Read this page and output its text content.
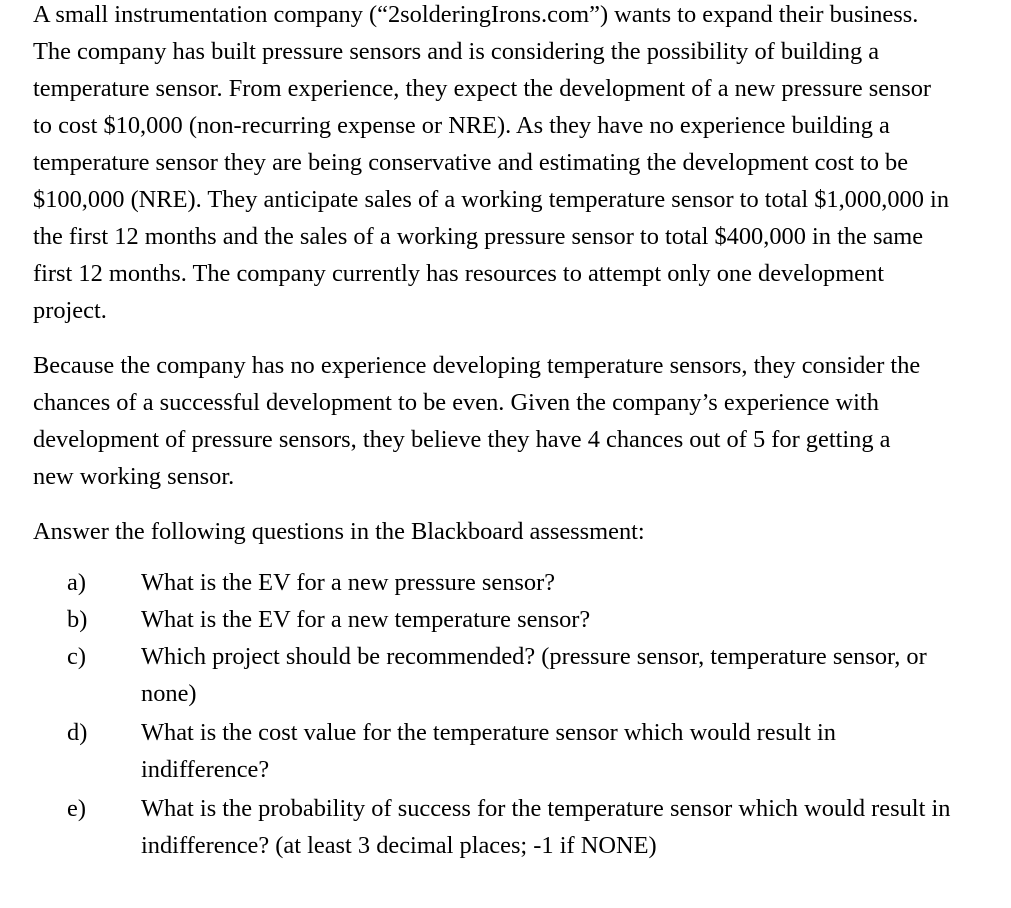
A small instrumentation company (“2solderingIrons.com”) wants to expand their business. The company has built pressure sensors and is considering the possibility of building a temperature sensor. From experience, they expect the development of a new pressure sensor to cost $10,000 (non-recurring expense or NRE). As they have no experience building a temperature sensor they are being conservative and estimating the development cost to be $100,000 (NRE). They anticipate sales of a working temperature sensor to total $1,000,000 in the first 12 months and the sales of a working pressure sensor to total $400,000 in the same first 12 months. The company currently has resources to attempt only one development project.

Because the company has no experience developing temperature sensors, they consider the chances of a successful development to be even. Given the company’s experience with development of pressure sensors, they believe they have 4 chances out of 5 for getting a new working sensor.

Answer the following questions in the Blackboard assessment:

a)	What is the EV for a new pressure sensor?
b)	What is the EV for a new temperature sensor?
c)	Which project should be recommended? (pressure sensor, temperature sensor, or none)
d)	What is the cost value for the temperature sensor which would result in indifference?
e)	What is the probability of success for the temperature sensor which would result in indifference? (at least 3 decimal places; -1 if NONE)
